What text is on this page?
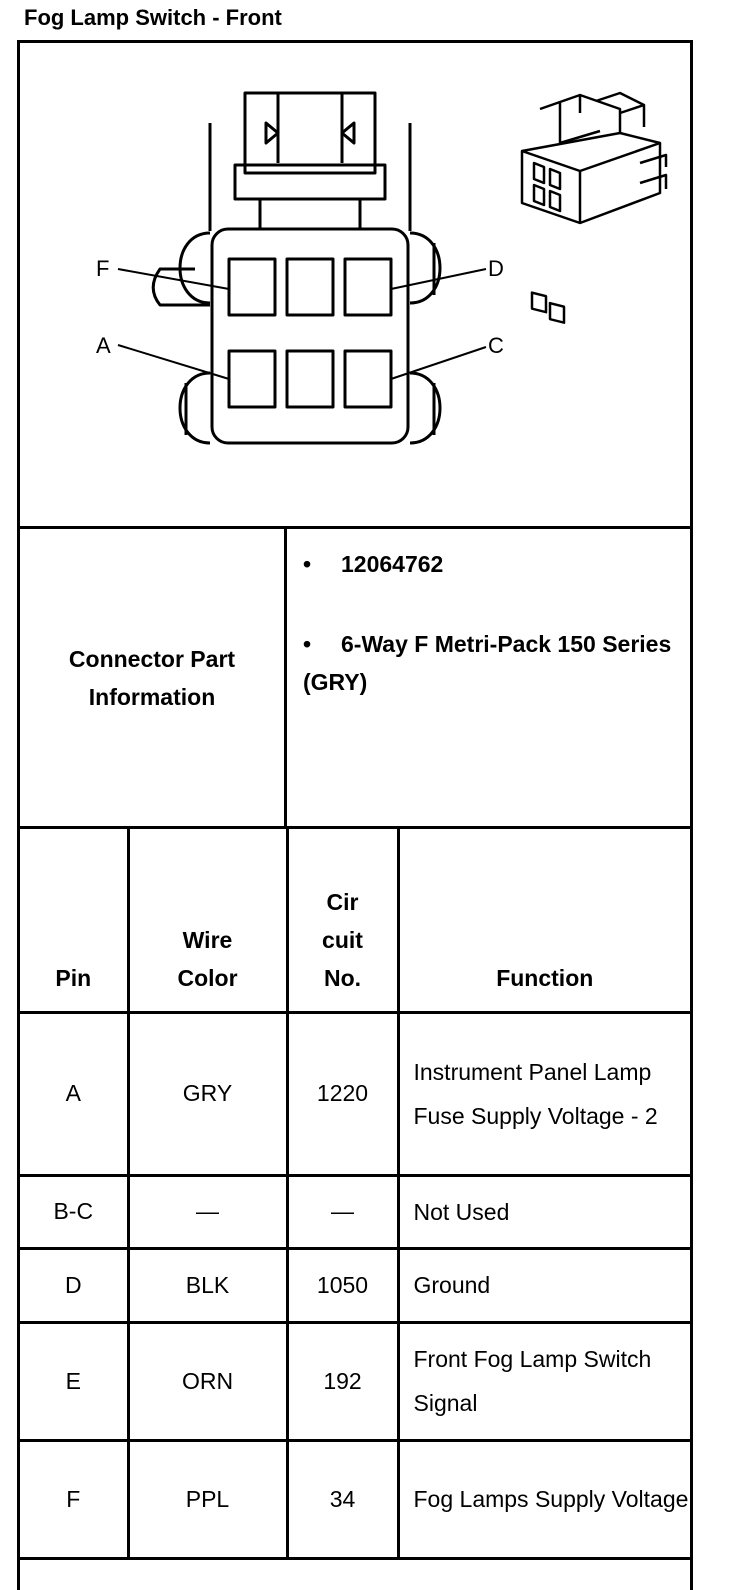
Fog Lamp Switch - Front
F
A
D
C
Connector Part Information
• 12064762
• 6-Way F Metri-Pack 150 Series (GRY)
Pin	Wire Color	Cir cuit No.	Function
A	GRY	1220	Instrument Panel Lamp Fuse Supply Voltage - 2
B-C	—	—	Not Used
D	BLK	1050	Ground
E	ORN	192	Front Fog Lamp Switch Signal
F	PPL	34	Fog Lamps Supply Voltage
